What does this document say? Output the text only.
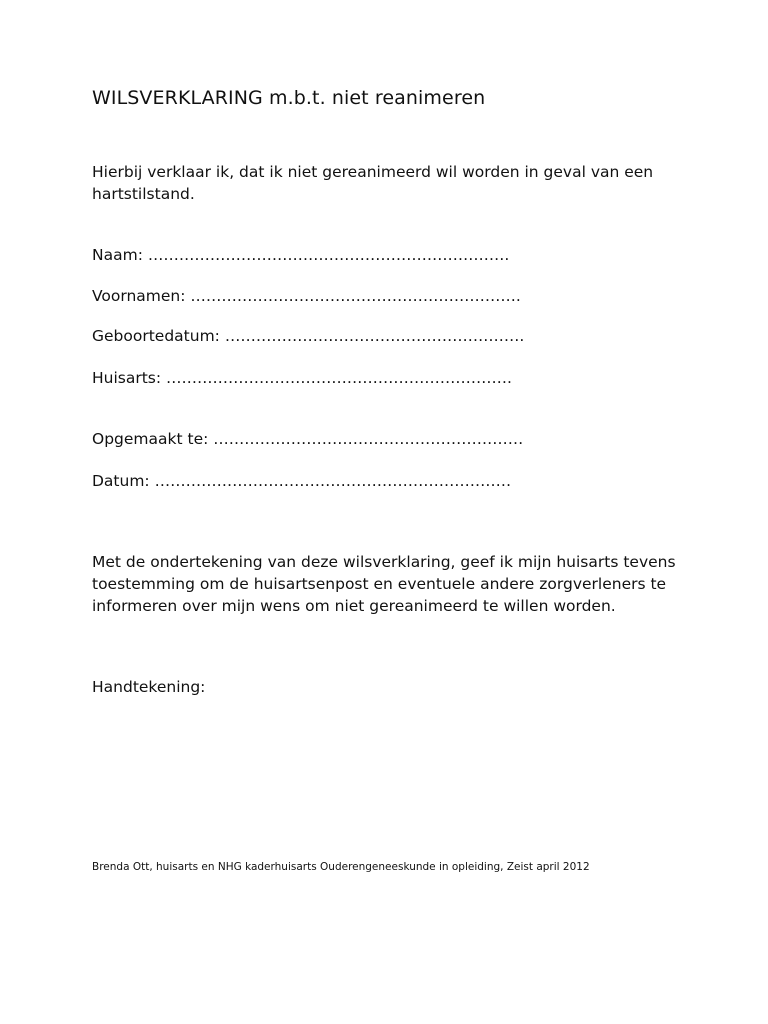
WILSVERKLARING m.b.t. niet reanimeren

Hierbij verklaar ik, dat ik niet gereanimeerd wil worden in geval van een hartstilstand.

Naam: …………………………………………………………….
Voornamen: ……………………………………………………….
Geboortedatum: ………………………………………………….
Huisarts: ………………………………………………………….
Opgemaakt te: ……………………………………………………
Datum: ……………………………………………………………

Met de ondertekening van deze wilsverklaring, geef ik mijn huisarts tevens toestemming om de huisartsenpost en eventuele andere zorgverleners te informeren over mijn wens om niet gereanimeerd te willen worden.

Handtekening:
Brenda Ott, huisarts en NHG kaderhuisarts Ouderengeneeskunde in opleiding, Zeist april 2012
